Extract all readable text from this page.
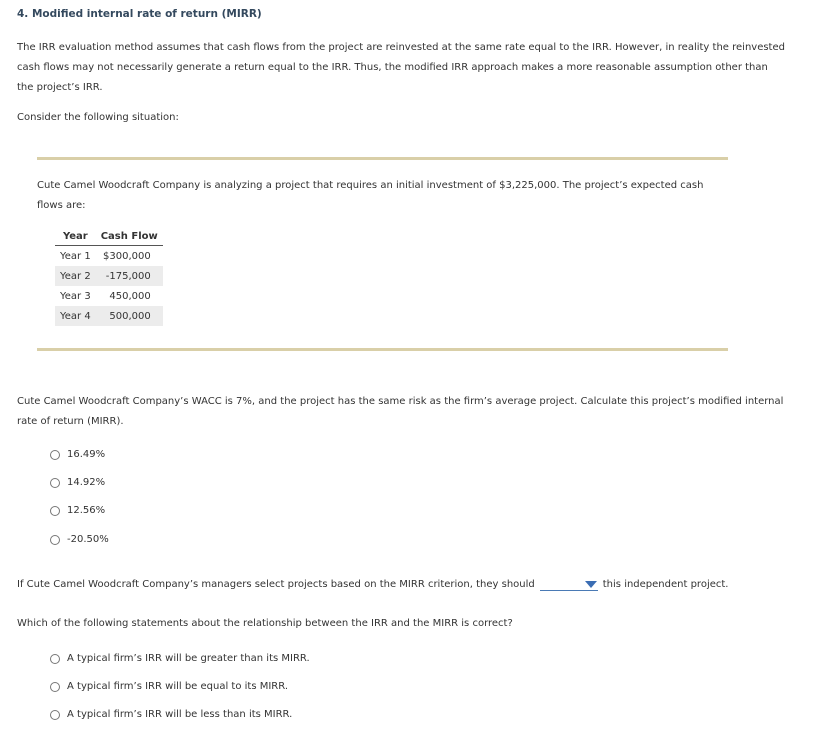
4. Modified internal rate of return (MIRR)
The IRR evaluation method assumes that cash flows from the project are reinvested at the same rate equal to the IRR. However, in reality the reinvested cash flows may not necessarily generate a return equal to the IRR. Thus, the modified IRR approach makes a more reasonable assumption other than the project’s IRR.
Consider the following situation:
Cute Camel Woodcraft Company is analyzing a project that requires an initial investment of $3,225,000. The project’s expected cash flows are:
Year	Cash Flow
Year 1	$300,000
Year 2	-175,000
Year 3	450,000
Year 4	500,000
Cute Camel Woodcraft Company’s WACC is 7%, and the project has the same risk as the firm’s average project. Calculate this project’s modified internal rate of return (MIRR).
16.49%
14.92%
12.56%
-20.50%
If Cute Camel Woodcraft Company’s managers select projects based on the MIRR criterion, they should	this independent project.
Which of the following statements about the relationship between the IRR and the MIRR is correct?
A typical firm’s IRR will be greater than its MIRR.
A typical firm’s IRR will be equal to its MIRR.
A typical firm’s IRR will be less than its MIRR.
